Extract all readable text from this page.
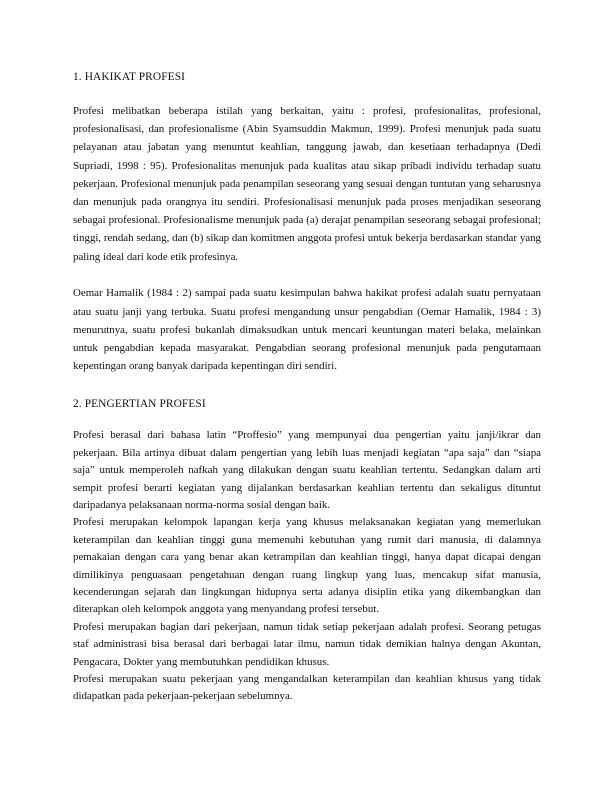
1. HAKIKAT PROFESI

Profesi melibatkan beberapa istilah yang berkaitan, yaitu : profesi, profesionalitas, profesional, profesionalisasi, dan profesionalisme (Abin Syamsuddin Makmun, 1999). Profesi menunjuk pada suatu pelayanan atau jabatan yang menuntut keahlian, tanggung jawab, dan kesetiaan terhadapnya (Dedi Supriadi, 1998 : 95). Profesionalitas menunjuk pada kualitas atau sikap pribadi individu terhadap suatu pekerjaan. Profesional menunjuk pada penampilan seseorang yang sesuai dengan tuntutan yang seharusnya dan menunjuk pada orangnya itu sendiri. Profesionalisasi menunjuk pada proses menjadikan seseorang sebagai profesional. Profesionalisme menunjuk pada (a) derajat penampilan seseorang sebagai profesional; tinggi, rendah sedang, dan (b) sikap dan komitmen anggota profesi untuk bekerja berdasarkan standar yang paling ideal dari kode etik profesinya.

Oemar Hamalik (1984 : 2) sampai pada suatu kesimpulan bahwa hakikat profesi adalah suatu pernyataan atau suatu janji yang terbuka. Suatu profesi mengandung unsur pengabdian (Oemar Hamalik, 1984 : 3) menurutnya, suatu profesi bukanlah dimaksudkan untuk mencari keuntungan materi belaka, melainkan untuk pengabdian kepada masyarakat. Pengabdian seorang profesional menunjuk pada pengutamaan kepentingan orang banyak daripada kepentingan diri sendiri.

2. PENGERTIAN PROFESI

Profesi berasal dari bahasa latin “Proffesio” yang mempunyai dua pengertian yaitu janji/ikrar dan pekerjaan. Bila artinya dibuat dalam pengertian yang lebih luas menjadi kegiatan “apa saja” dan “siapa saja” untuk memperoleh nafkah yang dilakukan dengan suatu keahlian tertentu. Sedangkan dalam arti sempit profesi berarti kegiatan yang dijalankan berdasarkan keahlian tertentu dan sekaligus dituntut daripadanya pelaksanaan norma-norma sosial dengan baik.

Profesi merupakan kelompok lapangan kerja yang khusus melaksanakan kegiatan yang memerlukan keterampilan dan keahlian tinggi guna memenuhi kebutuhan yang rumit dari manusia, di dalamnya pemakaian dengan cara yang benar akan ketrampilan dan keahlian tinggi, hanya dapat dicapai dengan dimilikinya penguasaan pengetahuan dengan ruang lingkup yang luas, mencakup sifat manusia, kecenderungan sejarah dan lingkungan hidupnya serta adanya disiplin etika yang dikembangkan dan diterapkan oleh kelompok anggota yang menyandang profesi tersebut.

Profesi merupakan bagian dari pekerjaan, namun tidak setiap pekerjaan adalah profesi. Seorang petugas staf administrasi bisa berasal dari berbagai latar ilmu, namun tidak demikian halnya dengan Akuntan, Pengacara, Dokter yang membutuhkan pendidikan khusus.

Profesi merupakan suatu pekerjaan yang mengandalkan keterampilan dan keahlian khusus yang tidak didapatkan pada pekerjaan-pekerjaan sebelumnya.
